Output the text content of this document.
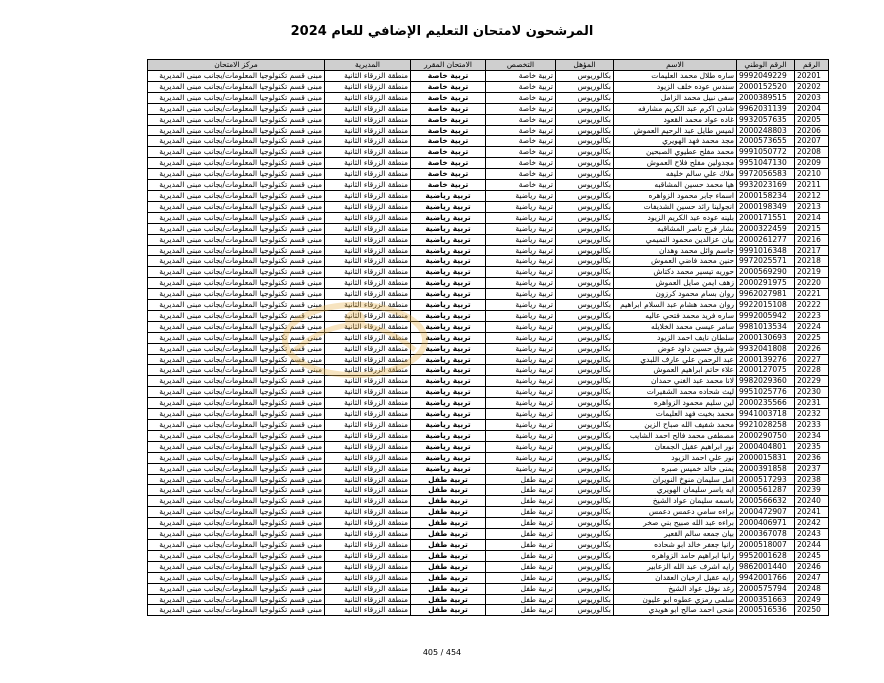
المرشحون لامتحان التعليم الإضافي للعام 2024
الرقم	الرقم الوطني	الاسم	المؤهل	التخصص	الامتحان المقرر	المديرية	مركز الامتحان
20201	9992049229	ساره طلال محمد العليمات	بكالوريوس	تربية خاصة	تربية خاصة	منطقة الزرقاء الثانية	مبنى قسم تكنولوجيا المعلومات/بجانب مبنى المديرية
20202	2000152520	سندس عوده خلف الزيود	بكالوريوس	تربية خاصة	تربية خاصة	منطقة الزرقاء الثانية	مبنى قسم تكنولوجيا المعلومات/بجانب مبنى المديرية
20203	2000389515	سفى نبيل محمد الزامل	بكالوريوس	تربية خاصة	تربية خاصة	منطقة الزرقاء الثانية	مبنى قسم تكنولوجيا المعلومات/بجانب مبنى المديرية
20204	9962031139	شادن اكرم عبد الكريم مشارفه	بكالوريوس	تربية خاصة	تربية خاصة	منطقة الزرقاء الثانية	مبنى قسم تكنولوجيا المعلومات/بجانب مبنى المديرية
20205	9932057635	غاده عواد محمد القعود	بكالوريوس	تربية خاصة	تربية خاصة	منطقة الزرقاء الثانية	مبنى قسم تكنولوجيا المعلومات/بجانب مبنى المديرية
20206	2000248803	لميس طايل عبد الرحيم العموش	بكالوريوس	تربية خاصة	تربية خاصة	منطقة الزرقاء الثانية	مبنى قسم تكنولوجيا المعلومات/بجانب مبنى المديرية
20207	2000573655	مجد محمد فهد الهويري	بكالوريوس	تربية خاصة	تربية خاصة	منطقة الزرقاء الثانية	مبنى قسم تكنولوجيا المعلومات/بجانب مبنى المديرية
20208	9991050772	محمد مفلح عطيوي الصبحين	بكالوريوس	تربية خاصة	تربية خاصة	منطقة الزرقاء الثانية	مبنى قسم تكنولوجيا المعلومات/بجانب مبنى المديرية
20209	9951047130	مجدولين مفلح فلاح العموش	بكالوريوس	تربية خاصة	تربية خاصة	منطقة الزرقاء الثانية	مبنى قسم تكنولوجيا المعلومات/بجانب مبنى المديرية
20210	9972056583	ملاك علي سالم خليفه	بكالوريوس	تربية خاصة	تربية خاصة	منطقة الزرقاء الثانية	مبنى قسم تكنولوجيا المعلومات/بجانب مبنى المديرية
20211	9932023169	هيا محمد حسين المشاقبه	بكالوريوس	تربية خاصة	تربية خاصة	منطقة الزرقاء الثانية	مبنى قسم تكنولوجيا المعلومات/بجانب مبنى المديرية
20212	2000158234	اسماء جابر محمود الزواهره	بكالوريوس	تربية رياضية	تربية رياضية	منطقة الزرقاء الثانية	مبنى قسم تكنولوجيا المعلومات/بجانب مبنى المديرية
20213	2000198349	انجولينا رائد حسين الشديفات	بكالوريوس	تربية رياضية	تربية رياضية	منطقة الزرقاء الثانية	مبنى قسم تكنولوجيا المعلومات/بجانب مبنى المديرية
20214	2000171551	بلينه عوده عبد الكريم الزيود	بكالوريوس	تربية رياضية	تربية رياضية	منطقة الزرقاء الثانية	مبنى قسم تكنولوجيا المعلومات/بجانب مبنى المديرية
20215	2000322459	بشار فرج ناصر المشاقبه	بكالوريوس	تربية رياضية	تربية رياضية	منطقة الزرقاء الثانية	مبنى قسم تكنولوجيا المعلومات/بجانب مبنى المديرية
20216	2000261277	بيان عزالدين محمود التميمي	بكالوريوس	تربية رياضية	تربية رياضية	منطقة الزرقاء الثانية	مبنى قسم تكنولوجيا المعلومات/بجانب مبنى المديرية
20217	9991016348	جاسم وائل محمد وهدان	بكالوريوس	تربية رياضية	تربية رياضية	منطقة الزرقاء الثانية	مبنى قسم تكنولوجيا المعلومات/بجانب مبنى المديرية
20218	9972025571	حنين محمد فاضي العموش	بكالوريوس	تربية رياضية	تربية رياضية	منطقة الزرقاء الثانية	مبنى قسم تكنولوجيا المعلومات/بجانب مبنى المديرية
20219	2000569290	حوريه تيسير محمد دكتاش	بكالوريوس	تربية رياضية	تربية رياضية	منطقة الزرقاء الثانية	مبنى قسم تكنولوجيا المعلومات/بجانب مبنى المديرية
20220	2000291975	زهف ايمن صايل العموش	بكالوريوس	تربية رياضية	تربية رياضية	منطقة الزرقاء الثانية	مبنى قسم تكنولوجيا المعلومات/بجانب مبنى المديرية
20221	9962027981	روان بسام محمود كرزون	بكالوريوس	تربية رياضية	تربية رياضية	منطقة الزرقاء الثانية	مبنى قسم تكنولوجيا المعلومات/بجانب مبنى المديرية
20222	9922015108	روان محمد هشام عبد السلام ابراهيم	بكالوريوس	تربية رياضية	تربية رياضية	منطقة الزرقاء الثانية	مبنى قسم تكنولوجيا المعلومات/بجانب مبنى المديرية
20223	9992005942	ساره فريد محمد فتحي عاليه	بكالوريوس	تربية رياضية	تربية رياضية	منطقة الزرقاء الثانية	مبنى قسم تكنولوجيا المعلومات/بجانب مبنى المديرية
20224	9981013534	سامر عيسى محمد الخلايله	بكالوريوس	تربية رياضية	تربية رياضية	منطقة الزرقاء الثانية	مبنى قسم تكنولوجيا المعلومات/بجانب مبنى المديرية
20225	2000130693	سلطان نايف احمد الزيود	بكالوريوس	تربية رياضية	تربية رياضية	منطقة الزرقاء الثانية	مبنى قسم تكنولوجيا المعلومات/بجانب مبنى المديرية
20226	9932041808	شروق حسين داود عوض	بكالوريوس	تربية رياضية	تربية رياضية	منطقة الزرقاء الثانية	مبنى قسم تكنولوجيا المعلومات/بجانب مبنى المديرية
20227	2000139276	عبد الرحمن علي عارف اللبدي	بكالوريوس	تربية رياضية	تربية رياضية	منطقة الزرقاء الثانية	مبنى قسم تكنولوجيا المعلومات/بجانب مبنى المديرية
20228	2000127075	علاء حاتم ابراهيم العموش	بكالوريوس	تربية رياضية	تربية رياضية	منطقة الزرقاء الثانية	مبنى قسم تكنولوجيا المعلومات/بجانب مبنى المديرية
20229	9982029360	لانا محمد عبد الغني حمدان	بكالوريوس	تربية رياضية	تربية رياضية	منطقة الزرقاء الثانية	مبنى قسم تكنولوجيا المعلومات/بجانب مبنى المديرية
20230	9951025776	ليث شحاده محمد الشقيرات	بكالوريوس	تربية رياضية	تربية رياضية	منطقة الزرقاء الثانية	مبنى قسم تكنولوجيا المعلومات/بجانب مبنى المديرية
20231	2000235566	لين سليم محمود الزواهره	بكالوريوس	تربية رياضية	تربية رياضية	منطقة الزرقاء الثانية	مبنى قسم تكنولوجيا المعلومات/بجانب مبنى المديرية
20232	9941003718	محمد بخيت فهد العليمات	بكالوريوس	تربية رياضية	تربية رياضية	منطقة الزرقاء الثانية	مبنى قسم تكنولوجيا المعلومات/بجانب مبنى المديرية
20233	9921028258	محمد شفيف الله صباح الزين	بكالوريوس	تربية رياضية	تربية رياضية	منطقة الزرقاء الثانية	مبنى قسم تكنولوجيا المعلومات/بجانب مبنى المديرية
20234	2000290750	مصطفى محمد فالح احمد الشايب	بكالوريوس	تربية رياضية	تربية رياضية	منطقة الزرقاء الثانية	مبنى قسم تكنولوجيا المعلومات/بجانب مبنى المديرية
20235	2000404801	نور ابراهيم عقيل الجمعان	بكالوريوس	تربية رياضية	تربية رياضية	منطقة الزرقاء الثانية	مبنى قسم تكنولوجيا المعلومات/بجانب مبنى المديرية
20236	2000015831	نور علي احمد الزيود	بكالوريوس	تربية رياضية	تربية رياضية	منطقة الزرقاء الثانية	مبنى قسم تكنولوجيا المعلومات/بجانب مبنى المديرية
20237	2000391858	يمنى خالد خميس صبره	بكالوريوس	تربية رياضية	تربية رياضية	منطقة الزرقاء الثانية	مبنى قسم تكنولوجيا المعلومات/بجانب مبنى المديرية
20238	2000517293	امل سليمان منوخ النويران	بكالوريوس	تربية طفل	تربية طفل	منطقة الزرقاء الثانية	مبنى قسم تكنولوجيا المعلومات/بجانب مبنى المديرية
20239	2000561287	ايه ياسر سليمان الهويري	بكالوريوس	تربية طفل	تربية طفل	منطقة الزرقاء الثانية	مبنى قسم تكنولوجيا المعلومات/بجانب مبنى المديرية
20240	2000566632	باسمه سليمان عواد الشيخ	بكالوريوس	تربية طفل	تربية طفل	منطقة الزرقاء الثانية	مبنى قسم تكنولوجيا المعلومات/بجانب مبنى المديرية
20241	2000472907	براءه سامي دعمس دعمس	بكالوريوس	تربية طفل	تربية طفل	منطقة الزرقاء الثانية	مبنى قسم تكنولوجيا المعلومات/بجانب مبنى المديرية
20242	2000406971	براءه عبد الله صبيح بني صخر	بكالوريوس	تربية طفل	تربية طفل	منطقة الزرقاء الثانية	مبنى قسم تكنولوجيا المعلومات/بجانب مبنى المديرية
20243	2000367078	بيان جمعه سالم القعير	بكالوريوس	تربية طفل	تربية طفل	منطقة الزرقاء الثانية	مبنى قسم تكنولوجيا المعلومات/بجانب مبنى المديرية
20244	2000518007	رانيا جعفر خالد ابو شحاده	بكالوريوس	تربية طفل	تربية طفل	منطقة الزرقاء الثانية	مبنى قسم تكنولوجيا المعلومات/بجانب مبنى المديرية
20245	9952001628	رانيا ابراهيم حامد الزواهره	بكالوريوس	تربية طفل	تربية طفل	منطقة الزرقاء الثانية	مبنى قسم تكنولوجيا المعلومات/بجانب مبنى المديرية
20246	9862001440	رايه اشرف عبد الله الزعابير	بكالوريوس	تربية طفل	تربية طفل	منطقة الزرقاء الثانية	مبنى قسم تكنولوجيا المعلومات/بجانب مبنى المديرية
20247	9942001766	رايه عقيل ارخيان العقدان	بكالوريوس	تربية طفل	تربية طفل	منطقة الزرقاء الثانية	مبنى قسم تكنولوجيا المعلومات/بجانب مبنى المديرية
20248	2000575794	رغد نوفل عواد الشيخ	بكالوريوس	تربية طفل	تربية طفل	منطقة الزرقاء الثانية	مبنى قسم تكنولوجيا المعلومات/بجانب مبنى المديرية
20249	2000351663	سلمى رمزي عطوه ابو عليون	بكالوريوس	تربية طفل	تربية طفل	منطقة الزرقاء الثانية	مبنى قسم تكنولوجيا المعلومات/بجانب مبنى المديرية
20250	2000516536	ضحى احمد صالح ابو هويدي	بكالوريوس	تربية طفل	تربية طفل	منطقة الزرقاء الثانية	مبنى قسم تكنولوجيا المعلومات/بجانب مبنى المديرية
405 / 454
